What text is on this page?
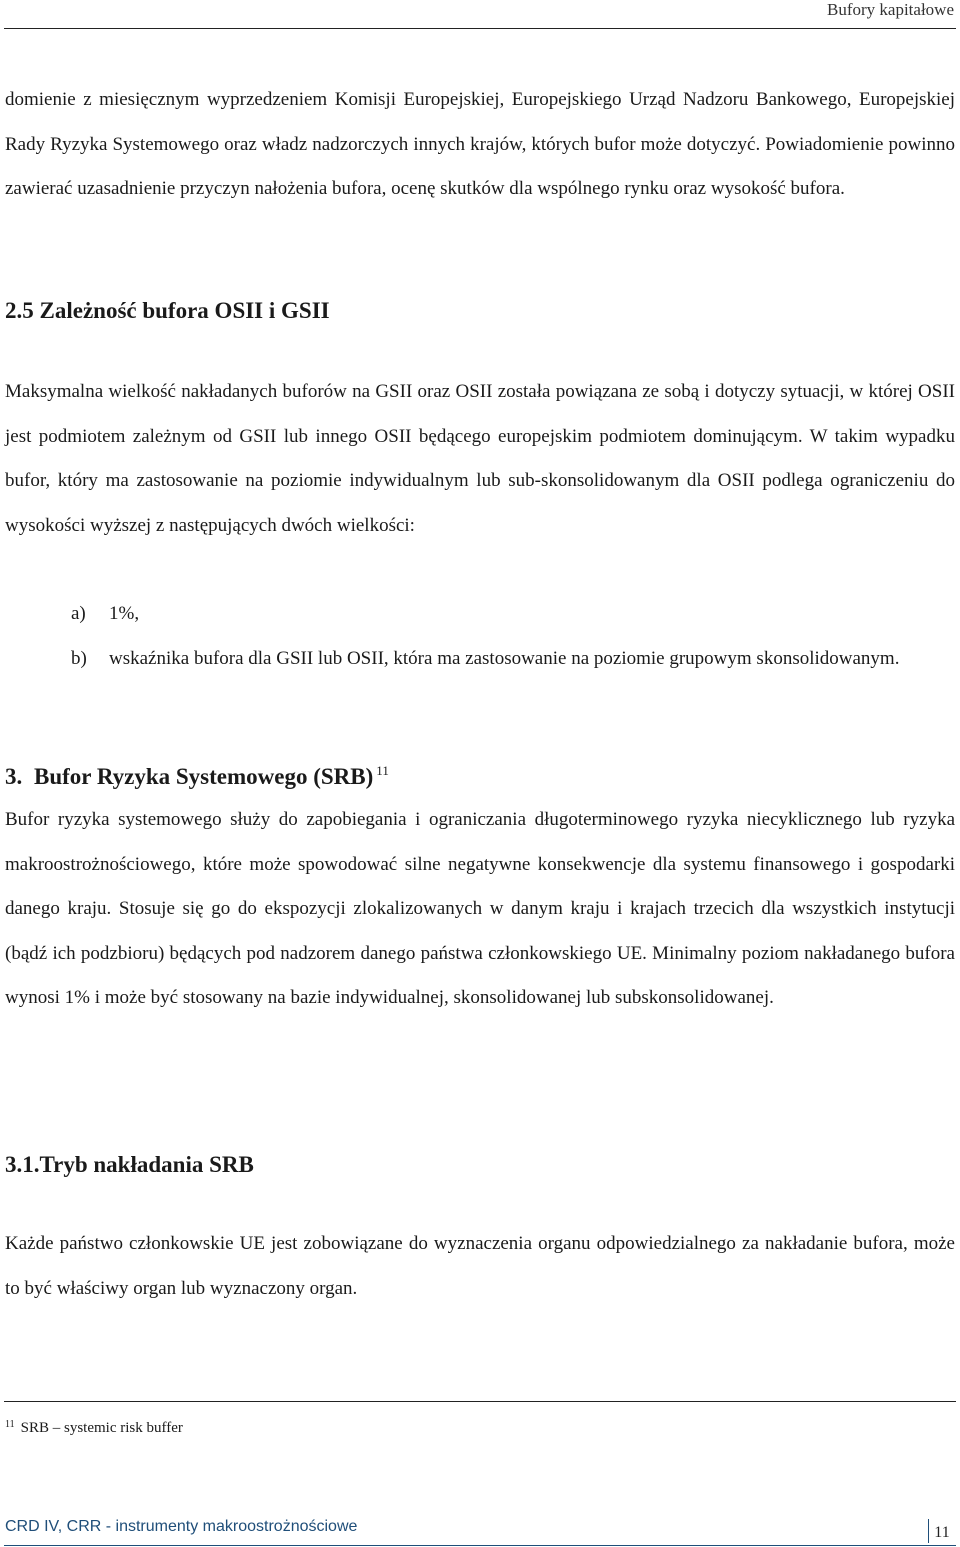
Bufory kapitałowe

domienie z miesięcznym wyprzedzeniem Komisji Europejskiej, Europejskiego Urząd Nadzoru Bankowego, Europejskiej Rady Ryzyka Systemowego oraz władz nadzorczych innych krajów, których bufor może dotyczyć. Powiadomienie powinno zawierać uzasadnienie przyczyn nałożenia bufora, ocenę skutków dla wspólnego rynku oraz wysokość bufora.

2.5 Zależność bufora OSII i GSII

Maksymalna wielkość nakładanych buforów na GSII oraz OSII została powiązana ze sobą i dotyczy sytuacji, w której OSII jest podmiotem zależnym od GSII lub innego OSII będącego europejskim podmiotem dominującym. W takim wypadku bufor, który ma zastosowanie na poziomie indywidualnym lub sub-skonsolidowanym dla OSII podlega ograniczeniu do wysokości wyższej z następujących dwóch wielkości:

a)	1%,
b)	wskaźnika bufora dla GSII lub OSII, która ma zastosowanie na poziomie grupowym skonsolidowanym.
3. Bufor Ryzyka Systemowego (SRB) $^{11}$

Bufor ryzyka systemowego służy do zapobiegania i ograniczania długoterminowego ryzyka niecyklicznego lub ryzyka makroostrożnościowego, które może spowodować silne negatywne konsekwencje dla systemu finansowego i gospodarki danego kraju. Stosuje się go do ekspozycji zlokalizowanych w danym kraju i krajach trzecich dla wszystkich instytucji (bądź ich podzbioru) będących pod nadzorem danego państwa członkowskiego UE. Minimalny poziom nakładanego bufora wynosi 1% i może być stosowany na bazie indywidualnej, skonsolidowanej lub subskonsolidowanej.

3.1.Tryb nakładania SRB

Każde państwo członkowskie UE jest zobowiązane do wyznaczenia organu odpowiedzialnego za nakładanie bufora, może to być właściwy organ lub wyznaczony organ.

$^{11}$ SRB – systemic risk buffer
CRD IV, CRR - instrumenty makroostrożnościowe	11
